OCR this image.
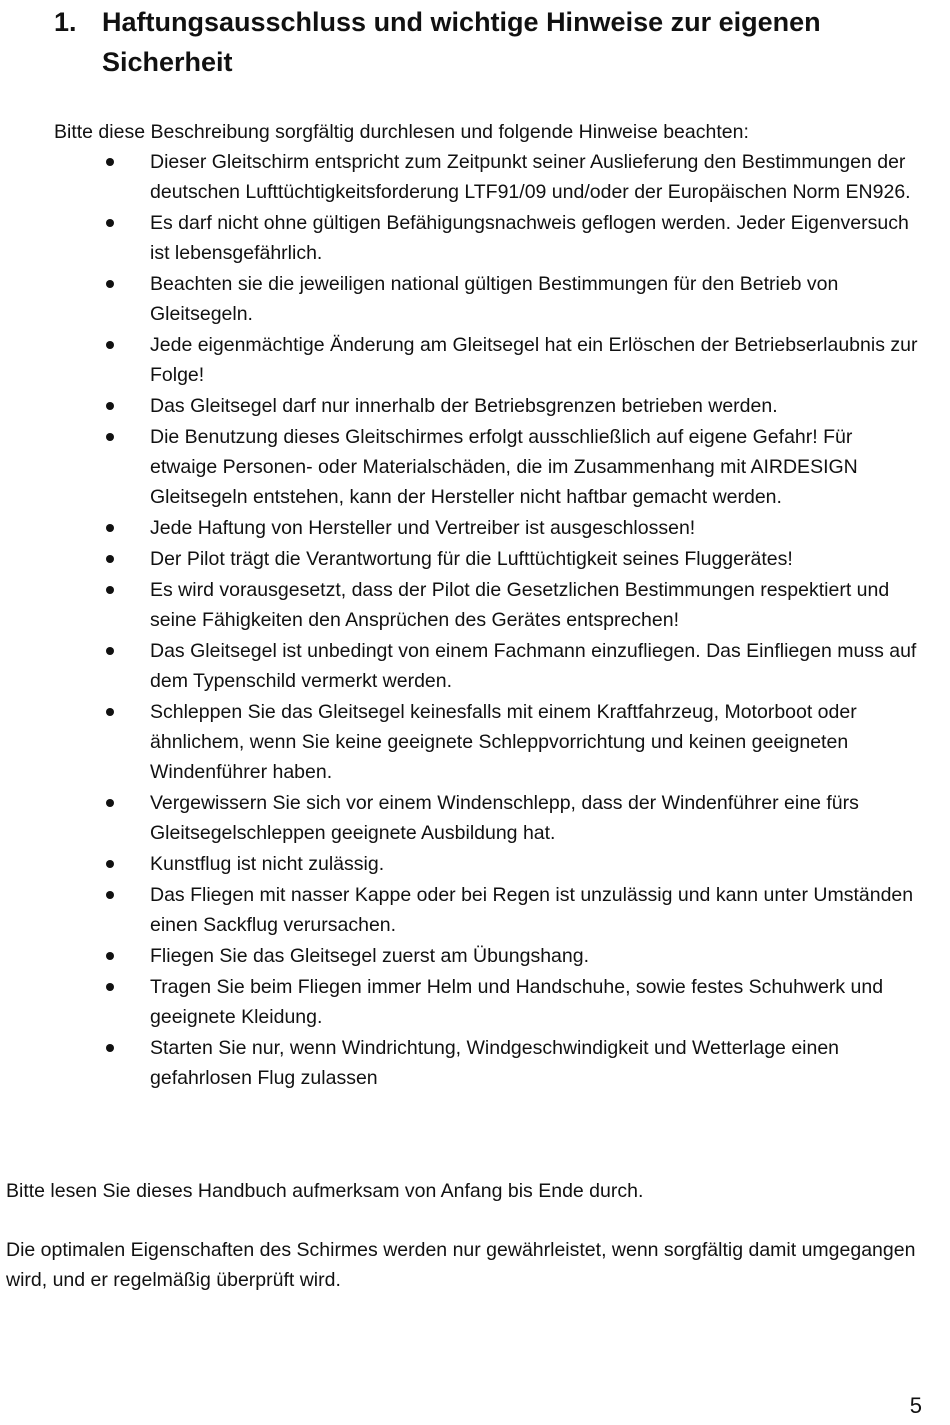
1. Haftungsausschluss und wichtige Hinweise zur eigenen Sicherheit
Bitte diese Beschreibung sorgfältig durchlesen und folgende Hinweise beachten:
Dieser Gleitschirm entspricht zum Zeitpunkt seiner Auslieferung den Bestimmungen der deutschen Lufttüchtigkeitsforderung LTF91/09 und/oder der Europäischen Norm EN926.
Es darf nicht ohne gültigen Befähigungsnachweis geflogen werden. Jeder Eigenversuch ist lebensgefährlich.
Beachten sie die jeweiligen national gültigen Bestimmungen für den Betrieb von Gleitsegeln.
Jede eigenmächtige Änderung am Gleitsegel hat ein Erlöschen der Betriebserlaubnis zur Folge!
Das Gleitsegel darf nur innerhalb der Betriebsgrenzen betrieben werden.
Die Benutzung dieses Gleitschirmes erfolgt ausschließlich auf eigene Gefahr! Für etwaige Personen- oder Materialschäden, die im Zusammenhang mit AIRDESIGN Gleitsegeln entstehen, kann der Hersteller nicht haftbar gemacht werden.
Jede Haftung von Hersteller und Vertreiber ist ausgeschlossen!
Der Pilot trägt die Verantwortung für die Lufttüchtigkeit seines Fluggerätes!
Es wird vorausgesetzt, dass der Pilot die Gesetzlichen Bestimmungen respektiert und seine Fähigkeiten den Ansprüchen des Gerätes entsprechen!
Das Gleitsegel ist unbedingt von einem Fachmann einzufliegen. Das Einfliegen muss auf dem Typenschild vermerkt werden.
Schleppen Sie das Gleitsegel keinesfalls mit einem Kraftfahrzeug, Motorboot oder ähnlichem, wenn Sie keine geeignete Schleppvorrichtung und keinen geeigneten Windenführer haben.
Vergewissern Sie sich vor einem Windenschlepp, dass der Windenführer eine fürs Gleitsegelschleppen geeignete Ausbildung hat.
Kunstflug ist nicht zulässig.
Das Fliegen mit nasser Kappe oder bei Regen ist unzulässig und kann unter Umständen einen Sackflug verursachen.
Fliegen Sie das Gleitsegel zuerst am Übungshang.
Tragen Sie beim Fliegen immer Helm und Handschuhe, sowie festes Schuhwerk und geeignete Kleidung.
Starten Sie nur, wenn Windrichtung, Windgeschwindigkeit und Wetterlage einen gefahrlosen Flug zulassen
Bitte lesen Sie dieses Handbuch aufmerksam von Anfang bis Ende durch.
Die optimalen Eigenschaften des Schirmes werden nur gewährleistet, wenn sorgfältig damit umgegangen wird, und er regelmäßig überprüft wird.
5
